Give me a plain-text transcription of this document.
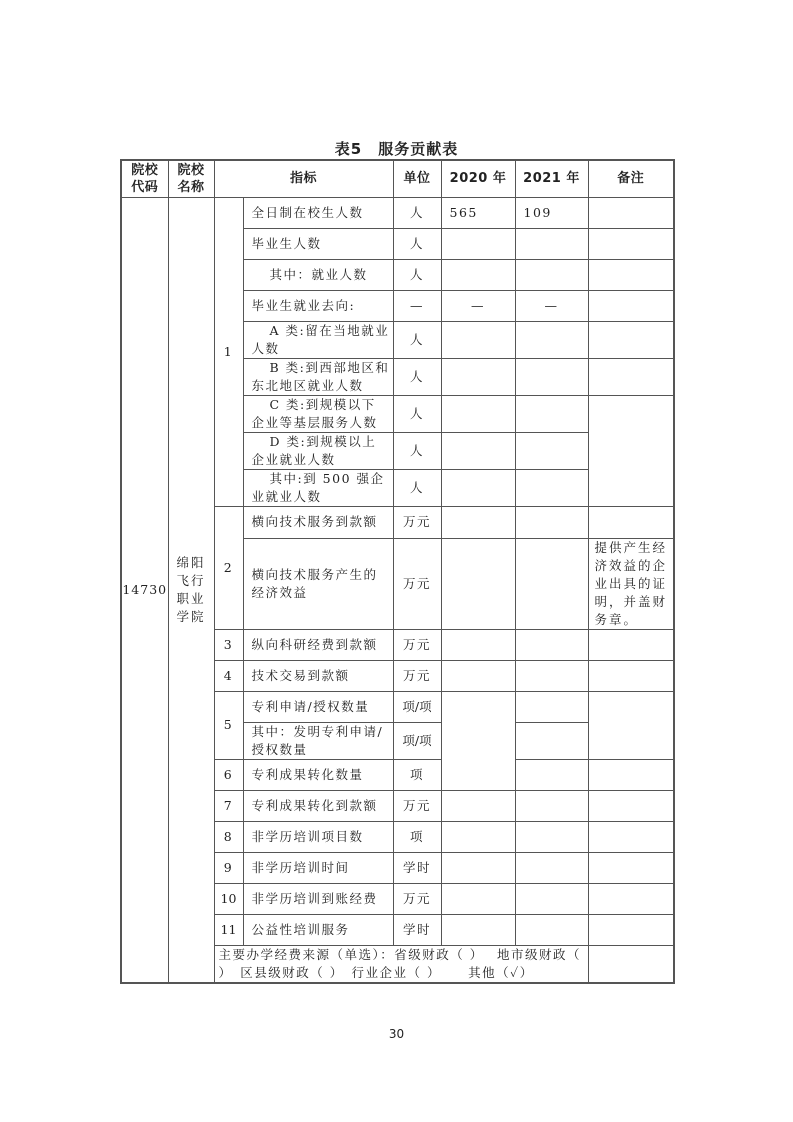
表5　服务贡献表
院校代码	院校名称	指标		单位	2020 年	2021 年	备注
14730	绵阳飞行职业学院	1	全日制在校生人数	人	565	109	
			毕业生人数	人			
			其中：就业人数	人			
			毕业生就业去向:	—	—	—	
			A 类:留在当地就业人数	人			
			B 类:到西部地区和东北地区就业人数	人			
			C 类:到规模以下企业等基层服务人数	人			
			D 类:到规模以上企业就业人数	人			
			其中:到 500 强企业就业人数	人			
		2	横向技术服务到款额	万元			
			横向技术服务产生的经济效益	万元			提供产生经济效益的企业出具的证明，并盖财务章。
		3	纵向科研经费到款额	万元			
		4	技术交易到款额	万元			
		5	专利申请/授权数量	项/项			
			其中：发明专利申请/授权数量	项/项			
		6	专利成果转化数量	项			
		7	专利成果转化到款额	万元			
		8	非学历培训项目数	项			
		9	非学历培训时间	学时			
		10	非学历培训到账经费	万元			
		11	公益性培训服务	学时			
		主要办学经费来源（单选）：省级财政（ ）　 地市级财政（ ）　区县级财政（ ）　行业企业（ ）　　 其他（✓）					
30
